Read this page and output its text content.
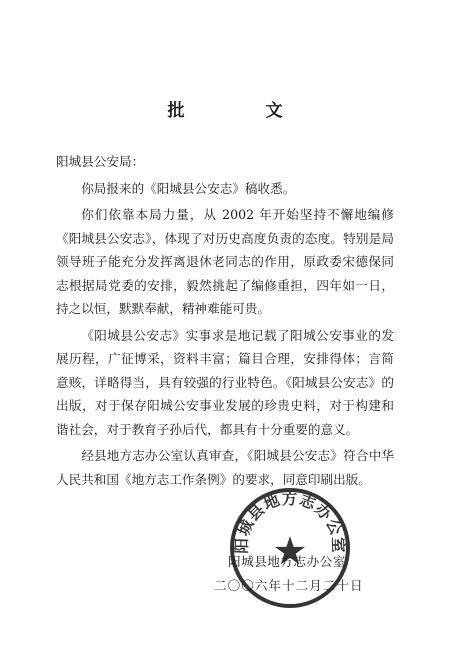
批　文

阳城县公安局：

你局报来的《阳城县公安志》稿收悉。

你们依靠本局力量，从 2002 年开始坚持不懈地编修《阳城县公安志》，体现了对历史高度负责的态度。特别是局领导班子能充分发挥离退休老同志的作用，原政委宋德保同志根据局党委的安排，毅然挑起了编修重担，四年如一日，持之以恒，默默奉献，精神难能可贵。

《阳城县公安志》实事求是地记载了阳城公安事业的发展历程，广征博采，资料丰富；篇目合理，安排得体；言简意赅，详略得当，具有较强的行业特色。《阳城县公安志》的出版，对于保存阳城公安事业发展的珍贵史料，对于构建和谐社会，对于教育子孙后代，都具有十分重要的意义。

经县地方志办公室认真审查，《阳城县公安志》符合中华人民共和国《地方志工作条例》的要求，同意印刷出版。

阳城县地方志办公室
二〇〇六年十二月二十日
阳城县地方志办公室
